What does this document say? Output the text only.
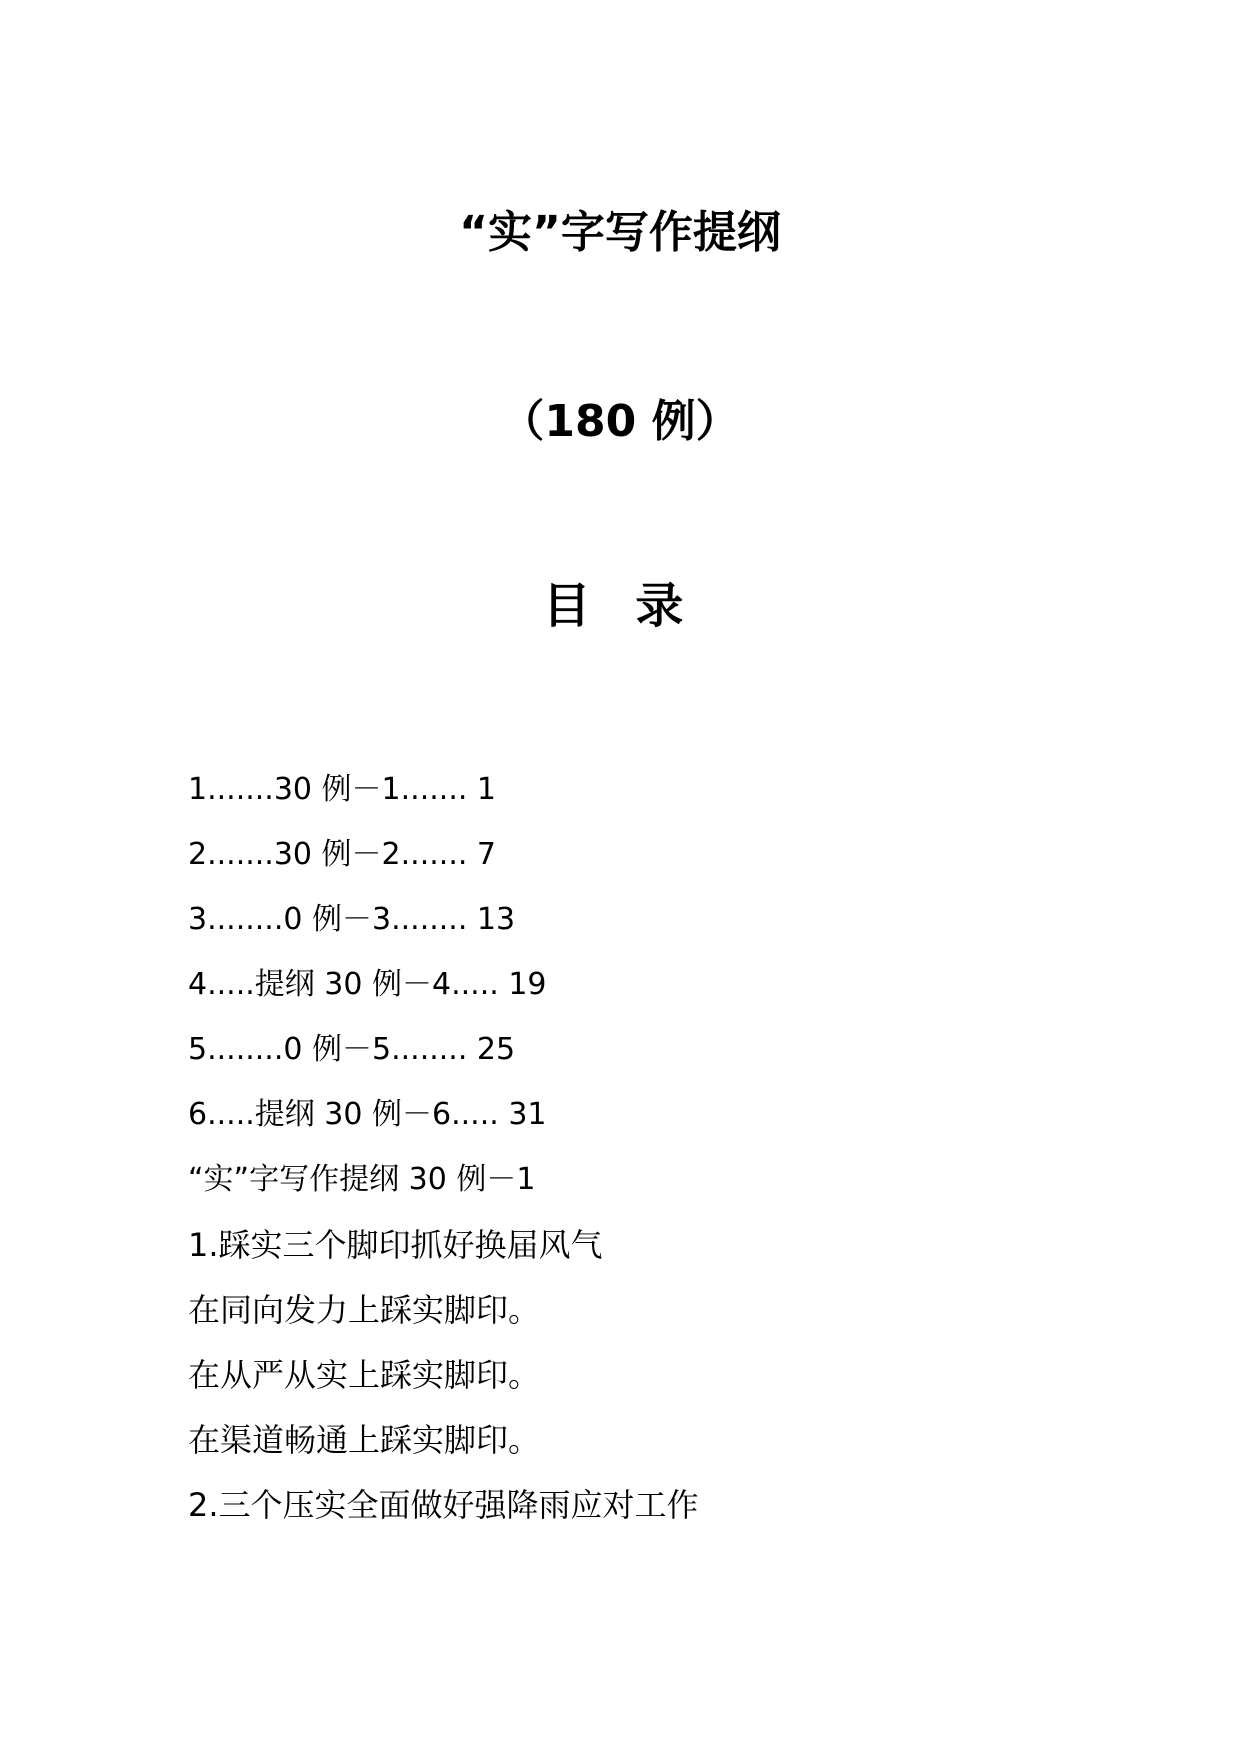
“实”字写作提纲
（180 例）
目 录
1.......30 例－1....... 1
2.......30 例－2....... 7
3........0 例－3........ 13
4.....提纲 30 例－4..... 19
5........0 例－5........ 25
6.....提纲 30 例－6..... 31
“实”字写作提纲 30 例－1
1.踩实三个脚印抓好换届风气
在同向发力上踩实脚印。
在从严从实上踩实脚印。
在渠道畅通上踩实脚印。
2.三个压实全面做好强降雨应对工作
